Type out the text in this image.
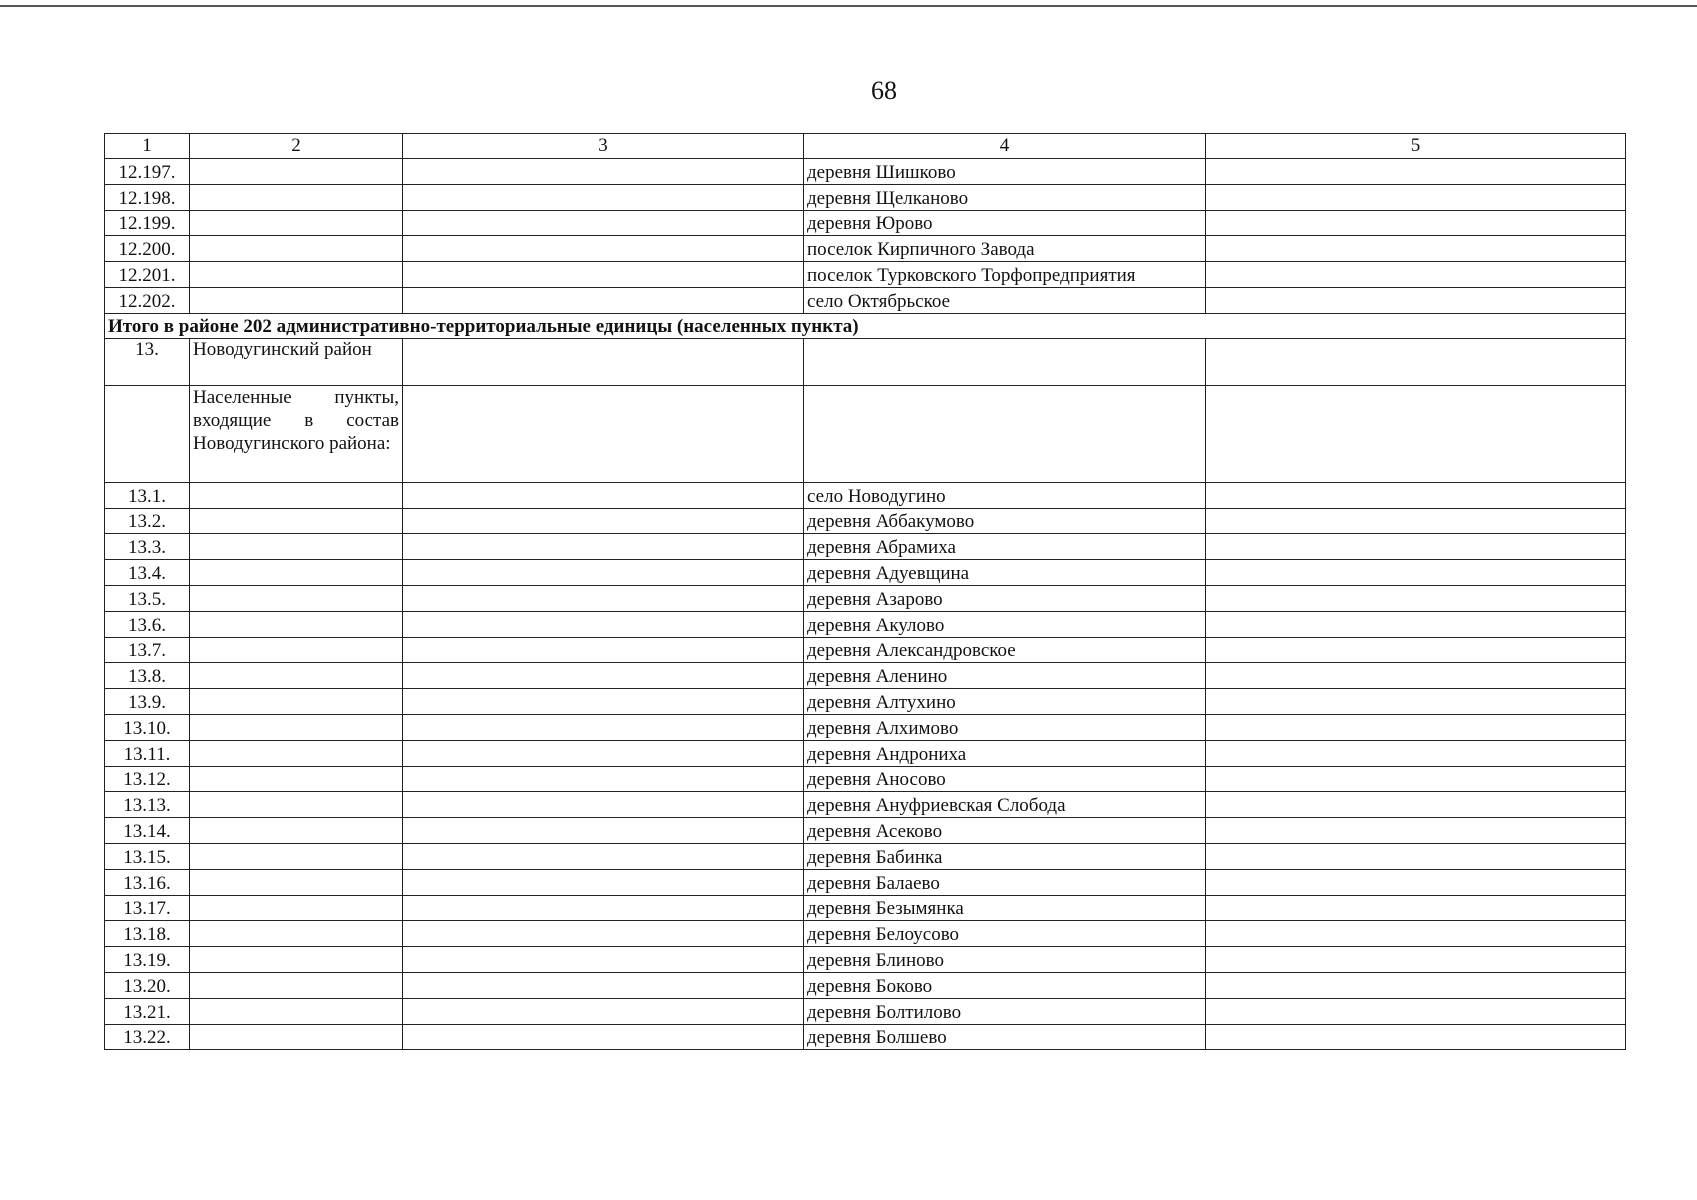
68
1	2	3	4	5
12.197.			деревня Шишково	
12.198.			деревня Щелканово	
12.199.			деревня Юрово	
12.200.			поселок Кирпичного Завода	
12.201.			поселок Турковского Торфопредприятия	
12.202.			село Октябрьское	
Итого в районе 202 административно-территориальные единицы (населенных пункта)				
13.	Новодугинский район			
	Населенные пункты, входящие в состав Новодугинского района:			
13.1.			село Новодугино	
13.2.			деревня Аббакумово	
13.3.			деревня Абрамиха	
13.4.			деревня Адуевщина	
13.5.			деревня Азарово	
13.6.			деревня Акулово	
13.7.			деревня Александровское	
13.8.			деревня Аленино	
13.9.			деревня Алтухино	
13.10.			деревня Алхимово	
13.11.			деревня Андрониха	
13.12.			деревня Аносово	
13.13.			деревня Ануфриевская Слобода	
13.14.			деревня Асеково	
13.15.			деревня Бабинка	
13.16.			деревня Балаево	
13.17.			деревня Безымянка	
13.18.			деревня Белоусово	
13.19.			деревня Блиново	
13.20.			деревня Боково	
13.21.			деревня Болтилово	
13.22.			деревня Болшево	
